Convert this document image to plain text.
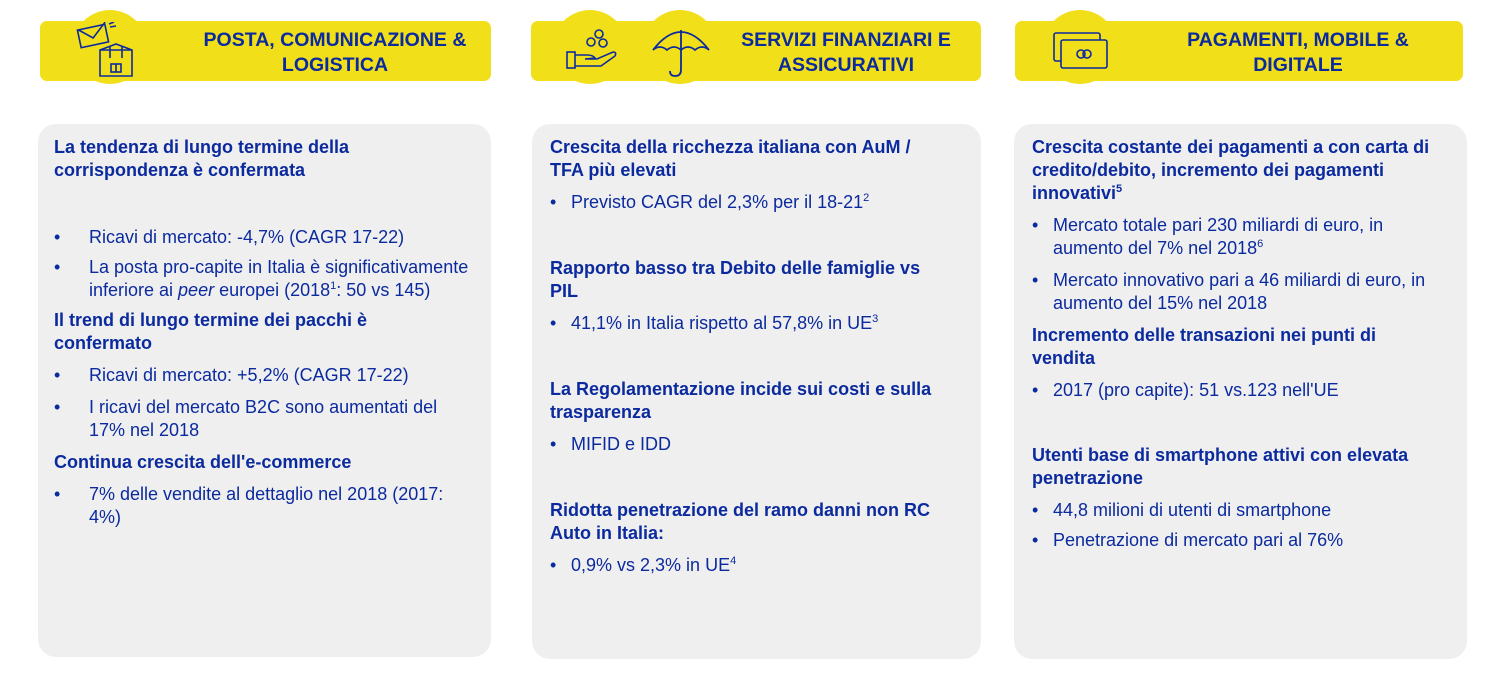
POSTA, COMUNICAZIONE & LOGISTICA
La tendenza di lungo termine della corrispondenza è confermata
• Ricavi di mercato: -4,7% (CAGR 17-22)
• La posta pro-capite in Italia è significativamente inferiore ai peer europei (2018$^1$: 50 vs 145)
Il trend di lungo termine dei pacchi è confermato
• Ricavi di mercato: +5,2% (CAGR 17-22)
• I ricavi del mercato B2C sono aumentati del 17% nel 2018
Continua crescita dell'e-commerce
• 7% delle vendite al dettaglio nel 2018 (2017: 4%)
SERVIZI FINANZIARI E ASSICURATIVI
Crescita della ricchezza italiana con AuM / TFA più elevati
• Previsto CAGR del 2,3% per il $18-21^2$
Rapporto basso tra Debito delle famiglie vs PIL
• 41,1% in Italia rispetto al 57,8% in $UE^3$
La Regolamentazione incide sui costi e sulla trasparenza
• MIFID e IDD
Ridotta penetrazione del ramo danni non RC Auto in Italia:
• 0,9% vs 2,3% in $UE^4$
PAGAMENTI, MOBILE & DIGITALE
Crescita costante dei pagamenti a con carta di credito/debito, incremento dei pagamenti innovativi$^5$
• Mercato totale pari 230 miliardi di euro, in aumento del 7% nel 2018$^6$
• Mercato innovativo pari a 46 miliardi di euro, in aumento del 15% nel 2018
Incremento delle transazioni nei punti di vendita
• 2017 (pro capite): 51 vs.123 nell'UE
Utenti base di smartphone attivi con elevata penetrazione
• 44,8 milioni di utenti di smartphone
• Penetrazione di mercato pari al 76%
